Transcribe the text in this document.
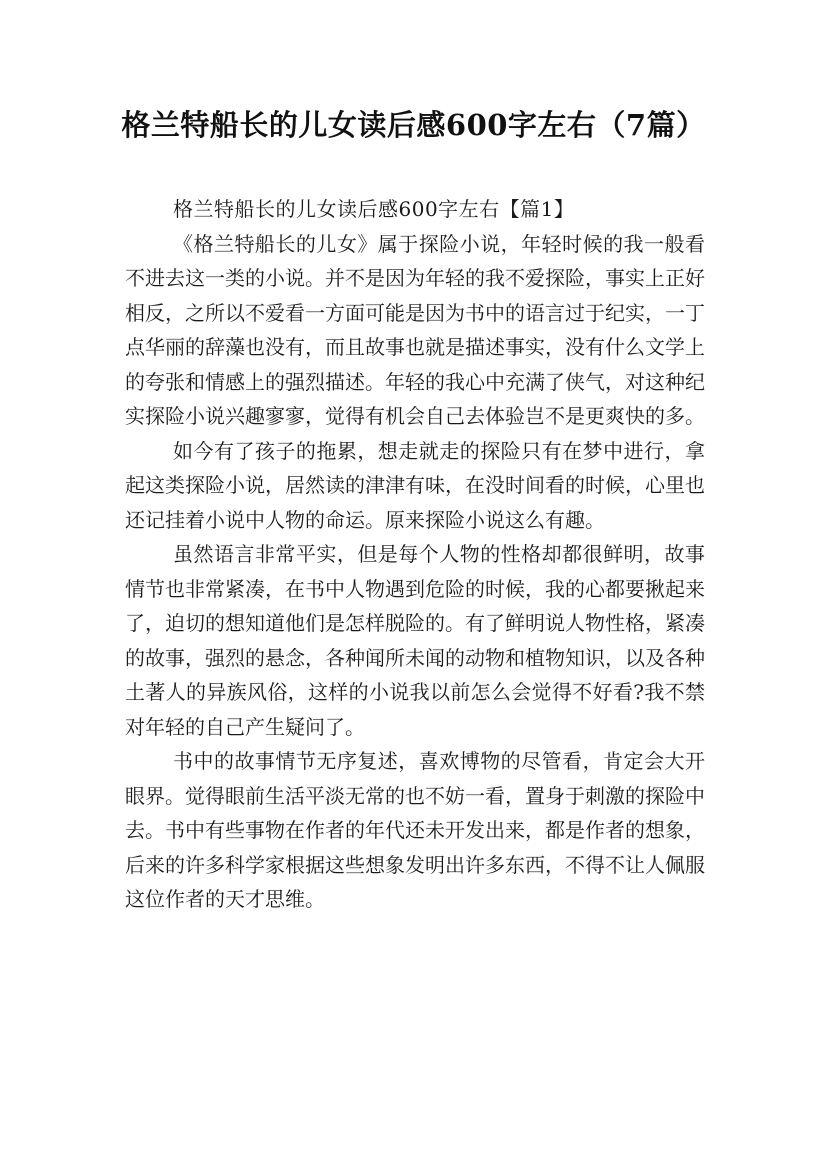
格兰特船长的儿女读后感600字左右（7篇）

格兰特船长的儿女读后感600字左右【篇1】

《格兰特船长的儿女》属于探险小说，年轻时候的我一般看不进去这一类的小说。并不是因为年轻的我不爱探险，事实上正好相反，之所以不爱看一方面可能是因为书中的语言过于纪实，一丁点华丽的辞藻也没有，而且故事也就是描述事实，没有什么文学上的夸张和情感上的强烈描述。年轻的我心中充满了侠气，对这种纪实探险小说兴趣寥寥，觉得有机会自己去体验岂不是更爽快的多。

如今有了孩子的拖累，想走就走的探险只有在梦中进行，拿起这类探险小说，居然读的津津有味，在没时间看的时候，心里也还记挂着小说中人物的命运。原来探险小说这么有趣。

虽然语言非常平实，但是每个人物的性格却都很鲜明，故事情节也非常紧凑，在书中人物遇到危险的时候，我的心都要揪起来了，迫切的想知道他们是怎样脱险的。有了鲜明说人物性格，紧凑的故事，强烈的悬念，各种闻所未闻的动物和植物知识，以及各种土著人的异族风俗，这样的小说我以前怎么会觉得不好看?我不禁对年轻的自己产生疑问了。

书中的故事情节无序复述，喜欢博物的尽管看，肯定会大开眼界。觉得眼前生活平淡无常的也不妨一看，置身于刺激的探险中去。书中有些事物在作者的年代还未开发出来，都是作者的想象，后来的许多科学家根据这些想象发明出许多东西，不得不让人佩服这位作者的天才思维。
